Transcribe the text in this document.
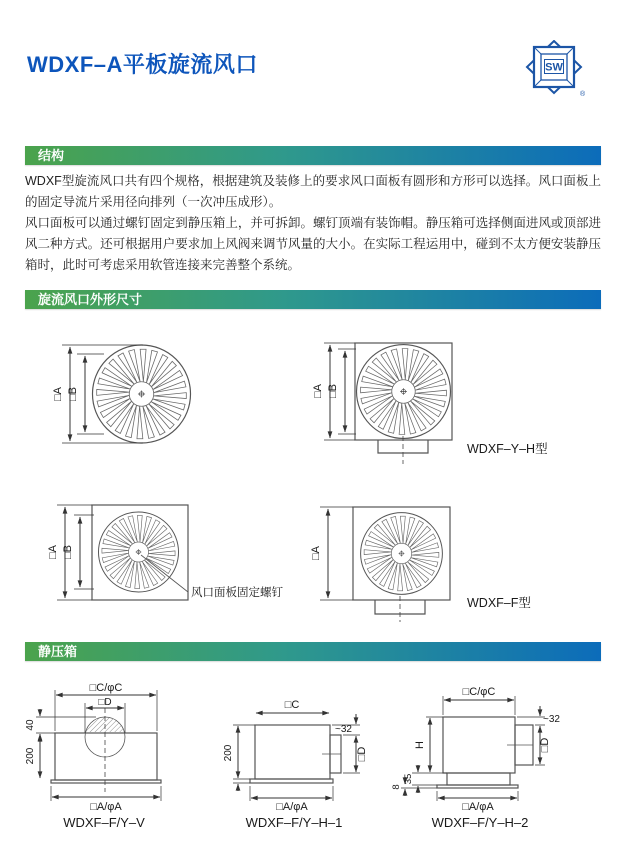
WDXF–A平板旋流风口	SW
®
结构
旋流风口外形尺寸
静压箱

WDXF型旋流风口共有四个规格，根据建筑及装修上的要求风口面板有圆形和方形可以选择。风口面板上的固定导流片采用径向排列（一次冲压成形）。

风口面板可以通过螺钉固定到静压箱上，并可拆卸。螺钉顶端有装饰帽。静压箱可选择侧面进风或顶部进风二种方式。还可根据用户要求加上风阀来调节风量的大小。在实际工程运用中，碰到不太方便安装静压箱时，此时可考虑采用软管连接来完善整个系统。

□A □B	□A □B
WDXF–Y–H型
□A □B
风口面板固定螺钉
□A
WDXF–F型
□C/φC
□D
40
200
□A/φA
WDXF–F/Y–V
□C
~32
□D
200
□A/φA
WDXF–F/Y–H–1
□C/φC
~32
□D
H
35
8
□A/φA
WDXF–F/Y–H–2
